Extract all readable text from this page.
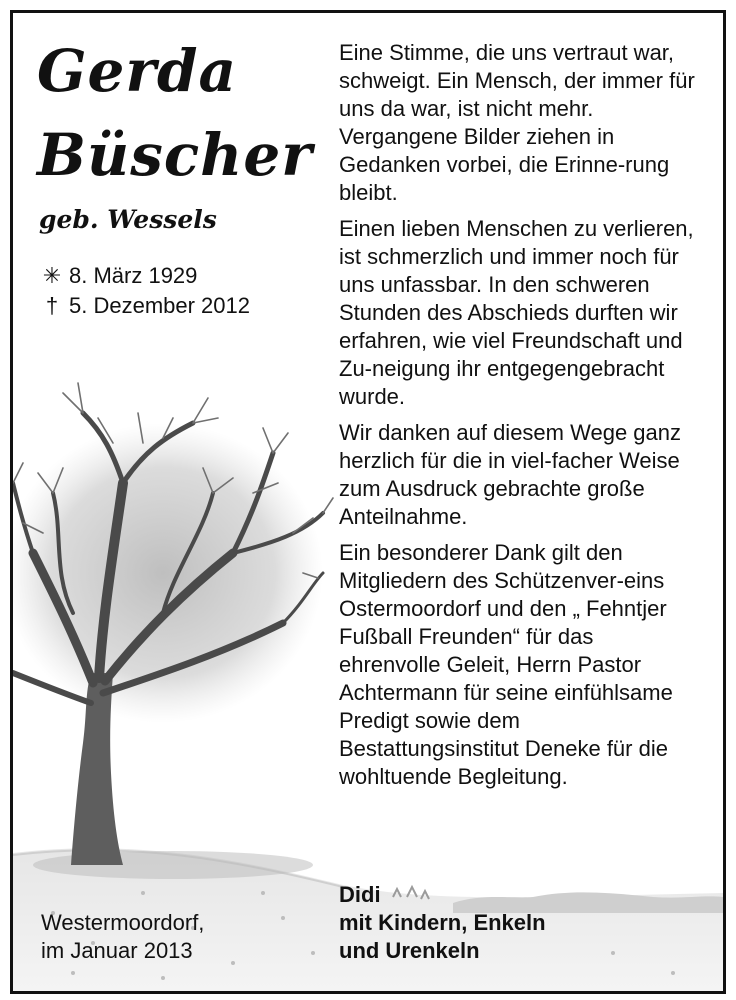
Gerda
Büscher
geb. Wessels
✳ 8. März 1929
† 5. Dezember 2012

Eine Stimme, die uns vertraut war, schweigt. Ein Mensch, der immer für uns da war, ist nicht mehr. Vergangene Bilder ziehen in Gedanken vorbei, die Erinne-rung bleibt.

Einen lieben Menschen zu verlieren, ist schmerzlich und immer noch für uns unfassbar. In den schweren Stunden des Abschieds durften wir erfahren, wie viel Freundschaft und Zu-neigung ihr entgegengebracht wurde.

Wir danken auf diesem Wege ganz herzlich für die in viel-facher Weise zum Ausdruck gebrachte große Anteilnahme.

Ein besonderer Dank gilt den Mitgliedern des Schützenver-eins Ostermoordorf und den „ Fehntjer Fußball Freunden“ für das ehrenvolle Geleit, Herrn Pastor Achtermann für seine einfühlsame Predigt sowie dem Bestattungsinstitut Deneke für die wohltuende Begleitung.

Westermoordorf,
im Januar 2013
Didi
mit Kindern, Enkeln
und Urenkeln
